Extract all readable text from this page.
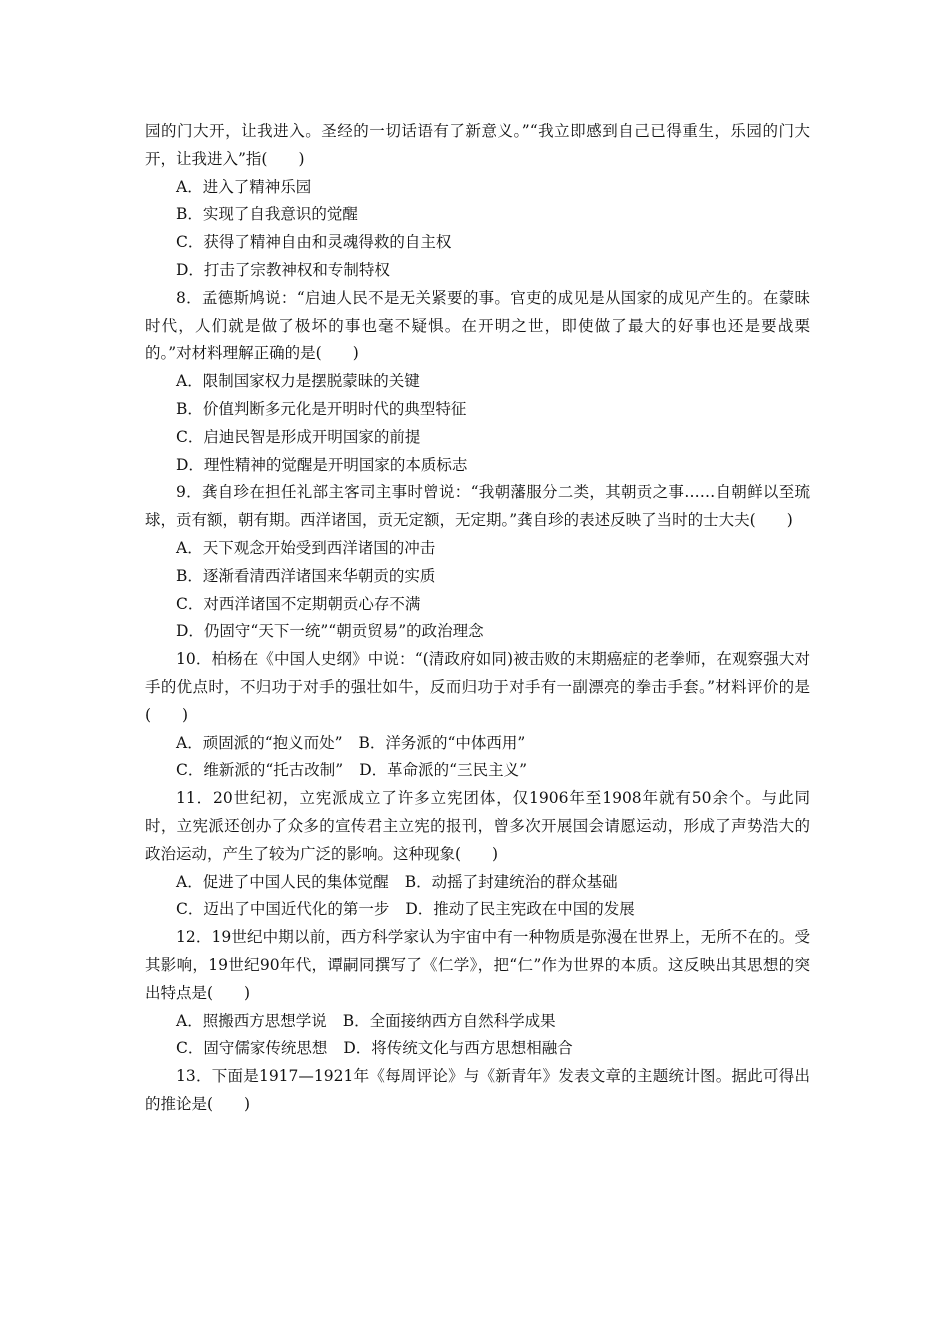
园的门大开，让我进入。圣经的一切话语有了新意义。”“我立即感到自己已得重生，乐园的门大开，让我进入”指(　　)

A．进入了精神乐园

B．实现了自我意识的觉醒

C．获得了精神自由和灵魂得救的自主权

D．打击了宗教神权和专制特权

8．孟德斯鸠说：“启迪人民不是无关紧要的事。官吏的成见是从国家的成见产生的。在蒙昧时代，人们就是做了极坏的事也毫不疑惧。在开明之世，即使做了最大的好事也还是要战栗的。”对材料理解正确的是(　　)

A．限制国家权力是摆脱蒙昧的关键

B．价值判断多元化是开明时代的典型特征

C．启迪民智是形成开明国家的前提

D．理性精神的觉醒是开明国家的本质标志

9．龚自珍在担任礼部主客司主事时曾说：“我朝藩服分二类，其朝贡之事……自朝鲜以至琉球，贡有额，朝有期。西洋诸国，贡无定额，无定期。”龚自珍的表述反映了当时的士大夫(　　)

A．天下观念开始受到西洋诸国的冲击

B．逐渐看清西洋诸国来华朝贡的实质

C．对西洋诸国不定期朝贡心存不满

D．仍固守“天下一统”“朝贡贸易”的政治理念

10．柏杨在《中国人史纲》中说：“(清政府如同)被击败的末期癌症的老拳师，在观察强大对手的优点时，不归功于对手的强壮如牛，反而归功于对手有一副漂亮的拳击手套。”材料评价的是(　　)

A．顽固派的“抱义而处” B．洋务派的“中体西用”

C．维新派的“托古改制” D．革命派的“三民主义”

11．20世纪初，立宪派成立了许多立宪团体，仅1906年至1908年就有50余个。与此同时，立宪派还创办了众多的宣传君主立宪的报刊，曾多次开展国会请愿运动，形成了声势浩大的政治运动，产生了较为广泛的影响。这种现象(　　)

A．促进了中国人民的集体觉醒 B．动摇了封建统治的群众基础

C．迈出了中国近代化的第一步 D．推动了民主宪政在中国的发展

12．19世纪中期以前，西方科学家认为宇宙中有一种物质是弥漫在世界上，无所不在的。受其影响，19世纪90年代，谭嗣同撰写了《仁学》，把“仁”作为世界的本质。这反映出其思想的突出特点是(　　)

A．照搬西方思想学说 B．全面接纳西方自然科学成果

C．固守儒家传统思想 D．将传统文化与西方思想相融合

13．下面是1917—1921年《每周评论》与《新青年》发表文章的主题统计图。据此可得出的推论是(　　)
